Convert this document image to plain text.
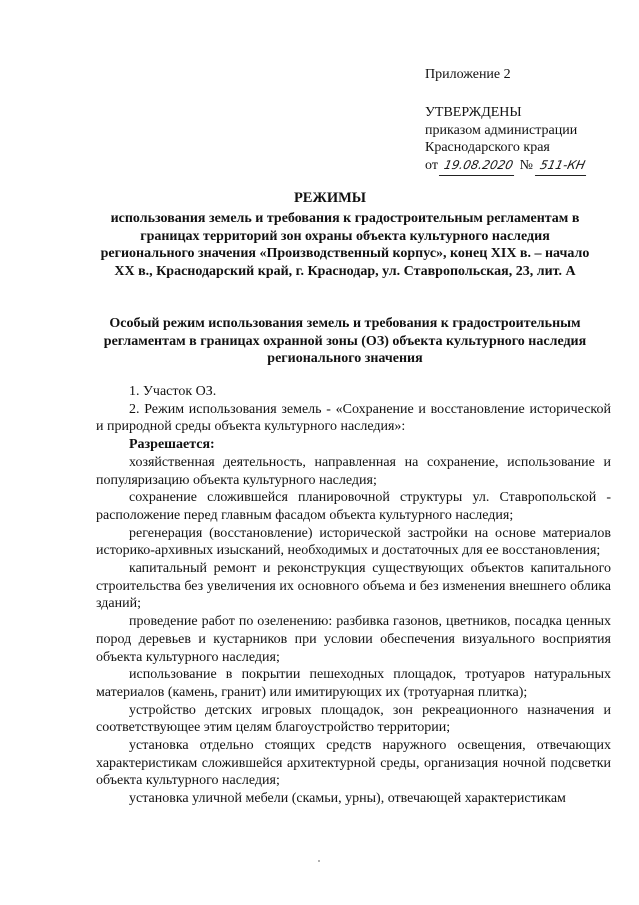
Приложение 2
УТВЕРЖДЕНЫ
приказом администрации
Краснодарского края
от 19.08.2020 № 511-КН
РЕЖИМЫ
использования земель и требования к градостроительным регламентам в границах территорий зон охраны объекта культурного наследия регионального значения «Производственный корпус», конец XIX в. – начало XX в., Краснодарский край, г. Краснодар, ул. Ставропольская, 23, лит. А
Особый режим использования земель и требования к градостроительным регламентам в границах охранной зоны (ОЗ) объекта культурного наследия регионального значения

1. Участок ОЗ.

2. Режим использования земель - «Сохранение и восстановление исторической и природной среды объекта культурного наследия»:

Разрешается:

хозяйственная деятельность, направленная на сохранение, использование и популяризацию объекта культурного наследия;

сохранение сложившейся планировочной структуры ул. Ставропольской - расположение перед главным фасадом объекта культурного наследия;

регенерация (восстановление) исторической застройки на основе материалов историко-архивных изысканий, необходимых и достаточных для ее восстановления;

капитальный ремонт и реконструкция существующих объектов капитального строительства без увеличения их основного объема и без изменения внешнего облика зданий;

проведение работ по озеленению: разбивка газонов, цветников, посадка ценных пород деревьев и кустарников при условии обеспечения визуального восприятия объекта культурного наследия;

использование в покрытии пешеходных площадок, тротуаров натуральных материалов (камень, гранит) или имитирующих их (тротуарная плитка);

устройство детских игровых площадок, зон рекреационного назначения и соответствующее этим целям благоустройство территории;

установка отдельно стоящих средств наружного освещения, отвечающих характеристикам сложившейся архитектурной среды, организация ночной подсветки объекта культурного наследия;

установка уличной мебели (скамьи, урны), отвечающей характеристикам
